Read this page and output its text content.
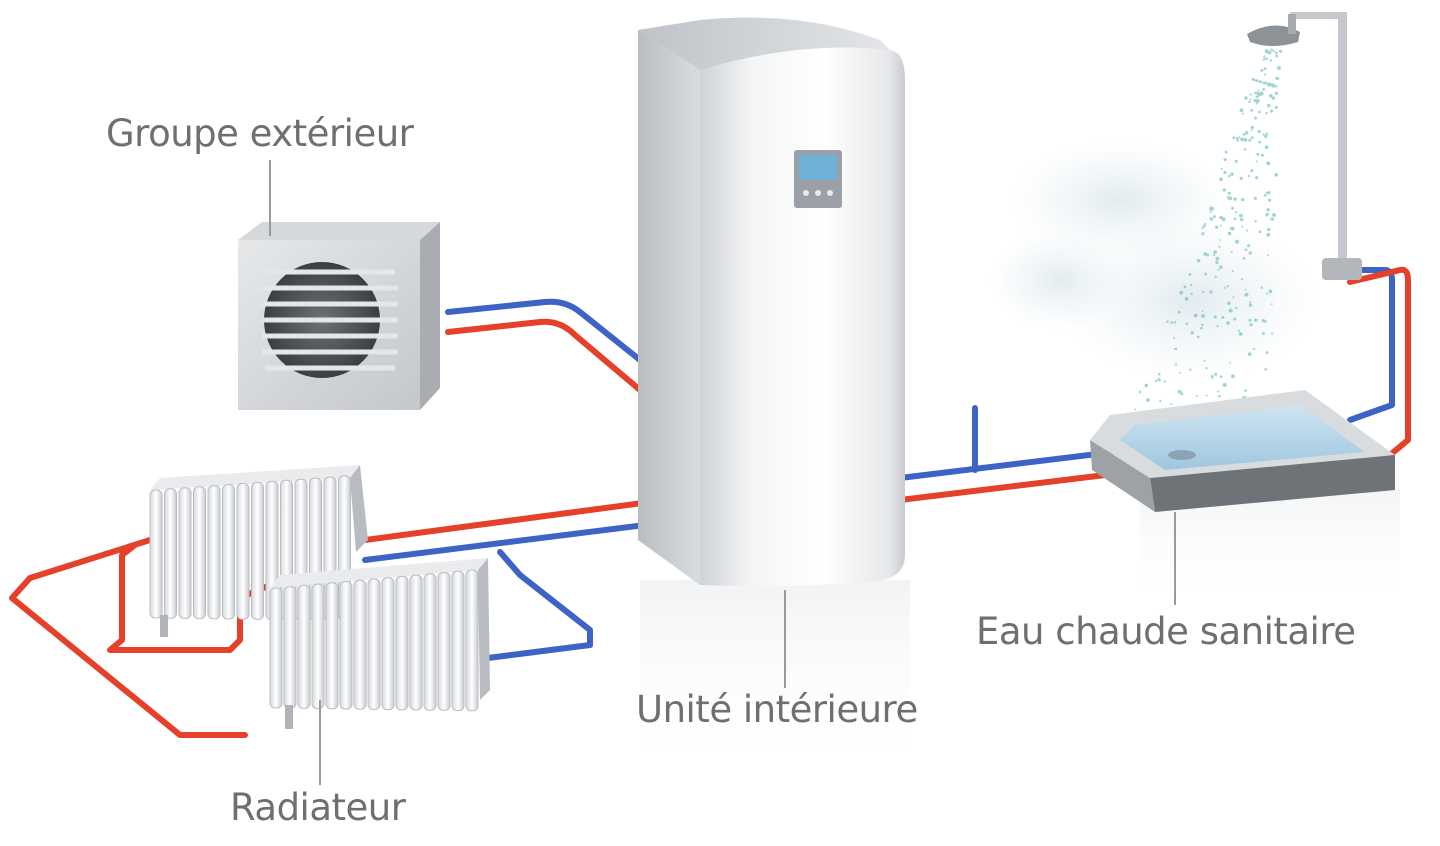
Groupe extérieur
Unité intérieure
Eau chaude sanitaire
Radiateur
